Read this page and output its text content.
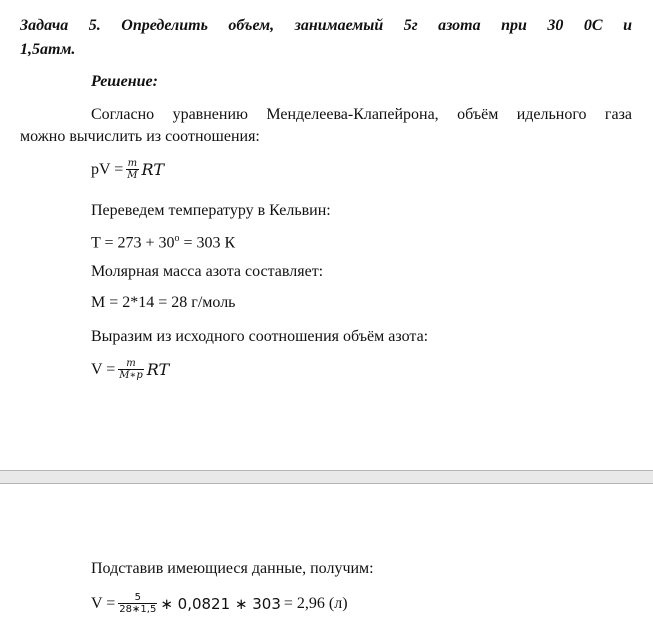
Задача 5. Определить объем, занимаемый 5г азота при 30 0С и
1,5атм.
Решение:
Согласно уравнению Менделеева-Клапейрона, объём идельного газа
можно вычислить из соотношения:
pV = $\frac{m}{M}$ RT
Переведем температуру в Кельвин:
$T = 273 + 30^o = 303$ К
Молярная масса азота составляет:
M = 2*14 = 28 г/моль
Выразим из исходного соотношения объём азота:
$V = \frac{m}{M∗p}$ RT
Подставив имеющиеся данные, получим:
$V = \frac{5}{28∗1,5}$ ∗ 0,0821 ∗ 303 = 2,96 (л)
